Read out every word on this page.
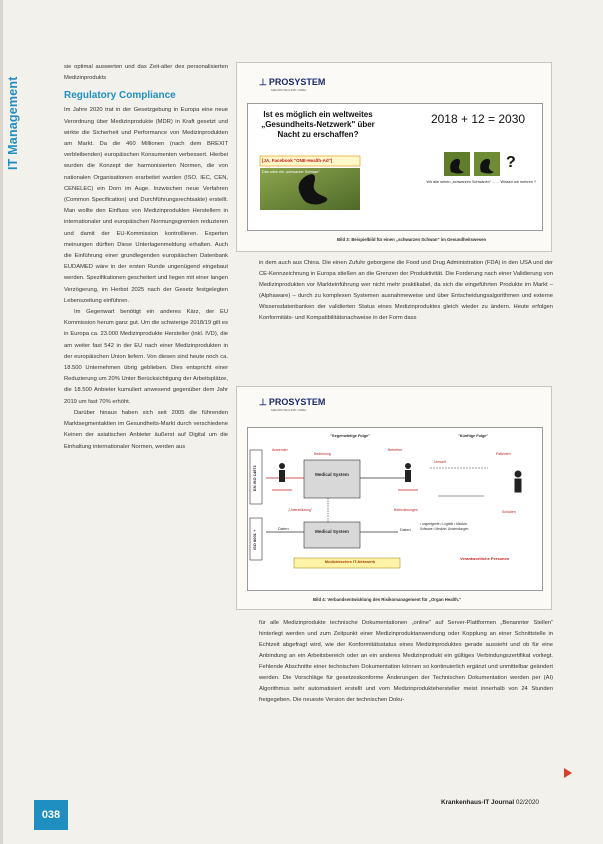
IT Management

sie optimal auswerten und das Zeit-alter des personalisierten Medizinprodukts

Regulatory Compliance

Im Jahre 2020 trat in der Gesetzgebung in Europa eine neue Verordnung über Medizinprodukte (MDR) in Kraft gesetzt und wirkte die Sicherheit und Performance von Medizinprodukten am Markt. Da die 460 Millionen (nach dem BREXIT verbleibenden) europäischen Konsumenten verbessert. Hierbei wurden die Konzept der harmonisierten Normen, die von nationalen Organisationen erarbeitet wurden (ISO, IEC, CEN, CENELEC) ein Dorn im Auge. Inzwischen neue Verfahren (Common Specification) und Durchführungsrechtsakte) erstellt. Man wollte den Einfluss von Medizinprodukten Herstellern in internationaler und europäischen Normungsgremien reduzieren und damit der EU-Kommission kontrollieren. Experten meinungen dürften Diese Unterlagenmeldung erhalten. Auch die Einführung einer grundlegenden europäischen Datenbank EUDAMED wäre in der ersten Runde ungenügend eingebaut werden. Spezifikationen gescheitert und liegen mit einer langen Verzögerung, im Herbst 2025 nach der Gesetz festgelegten Lebenszeitung einführen.

Im Gegenwart benötigt ein anderes Kärz, der EU Kommission herum ganz gut. Um die schwierige 2018/19 gilt es in Europa ca. 23.000 Medizinprodukte Hersteller (inkl. IVD), die am weiter fast 542 in der EU nach einer Medizinprodukten in der europäischen Union liefern. Von diesen sind heute noch ca. 18.500 Unternehmen übrig geblieben. Dies entspricht einer Reduzierung um 20% Unter Berücksichtigung der Arbeitsplätze, die 18.500 Anbieter kumuliert anwesend gegenüber dem Jahr 2019 um fast 70% erhöht.

Darüber hinaus haben sich seit 2005 die führenden Marktsegmentaktien im Gesundheits-Markt durch verschiedene Keinen der asiatischen Anbieter äußerst auf Digital um die Einhaltung internationaler Normen, werden aus

⊥ PROSYSTEM
MEDIZINTECHNIK GMBH
Ist es möglich ein weltweites „Gesundheits-Netzwerk" über Nacht zu erschaffen?
2018 + 12 = 2030
[JA, Facebook "ONE-Health-Ad"]
Das wäre ein „schwarzer Schwan"
?
Wir alle sehen „schwarzen Schwänen" ... ... Wissen wir mehren ?
Bild 3: Beispielbild für einen „schwarzen Schwan" im Gesundheitswesen
in dem auch aus China. Die einen Zufuhr geborgene die Food und Drug Administration (FDA) in den USA und der CE-Kennzeichnung in Europa stießen an die Grenzen der Produktivität. Die Forderung nach einer Validierung von Medizinprodukten vor Markteinführung wer nicht mehr praktikabel, da sich die eingeführten Produkte im Markt – (Alphaware) – durch zu komplexen Systemen ausnahmeweise und über Entscheidungsalgorithmen und externe Wissensdatenbanken der validierten Status eines Medizinproduktes gleich wieder zu ändern. Heute erfolgen Konformitäts- und Kompatibilitätsnachweise in der Form dass
⊥ PROSYSTEM
MEDIZINTECHNIK GMBH
"Gegenwärtige Folge"	"Künftige Folge"
EN ISO 14971
ISO 8001 +
Medical System
Medical System
Bedienung
Anwender	Betreiber
Patienten
Umwelt
Schaden
Daten	Daten
• ungeeignete • Logistik • Medizin. Software • Medizin. Anwendungen
Medizinisches IT-Netzwerk
Verantwortliche Personen
„Unterstützung"	Behinderungen
Bild 4: Verbandsentwicklung des Risikomanagement für „Organ Health."
für alle Medizinprodukte technische Dokumentationen „online" auf Server-Plattformen „Benannter Stellen“ hinterlegt werden und zum Zeitpunkt einer Medizinproduktanwendung oder Kopplung an einer Schnittstelle in Echtzeit abgefragt wird, wie der Konformitätsstatus eines Medizinproduktes gerade aussieht und ob für eine Anbindung an ein Arbeitsbereich oder an ein anderes Medizinprodukt ein gültiges Verbindungszertifikat vorliegt. Fehlende Abschnitte einer technischen Dokumentation können so kontinuierlich ergänzt und unmittelbar geändert werden. Die Vorschläge für gesetzeskonforme Änderungen der Technischen Dokumentation werden per (AI) Algorithmus sehr automatisiert erstellt und vom Medizinproduktehersteller meist innerhalb von 24 Stunden freigegeben. Die neueste Version der technischen Doku-
038
Krankenhaus-IT Journal 02/2020
